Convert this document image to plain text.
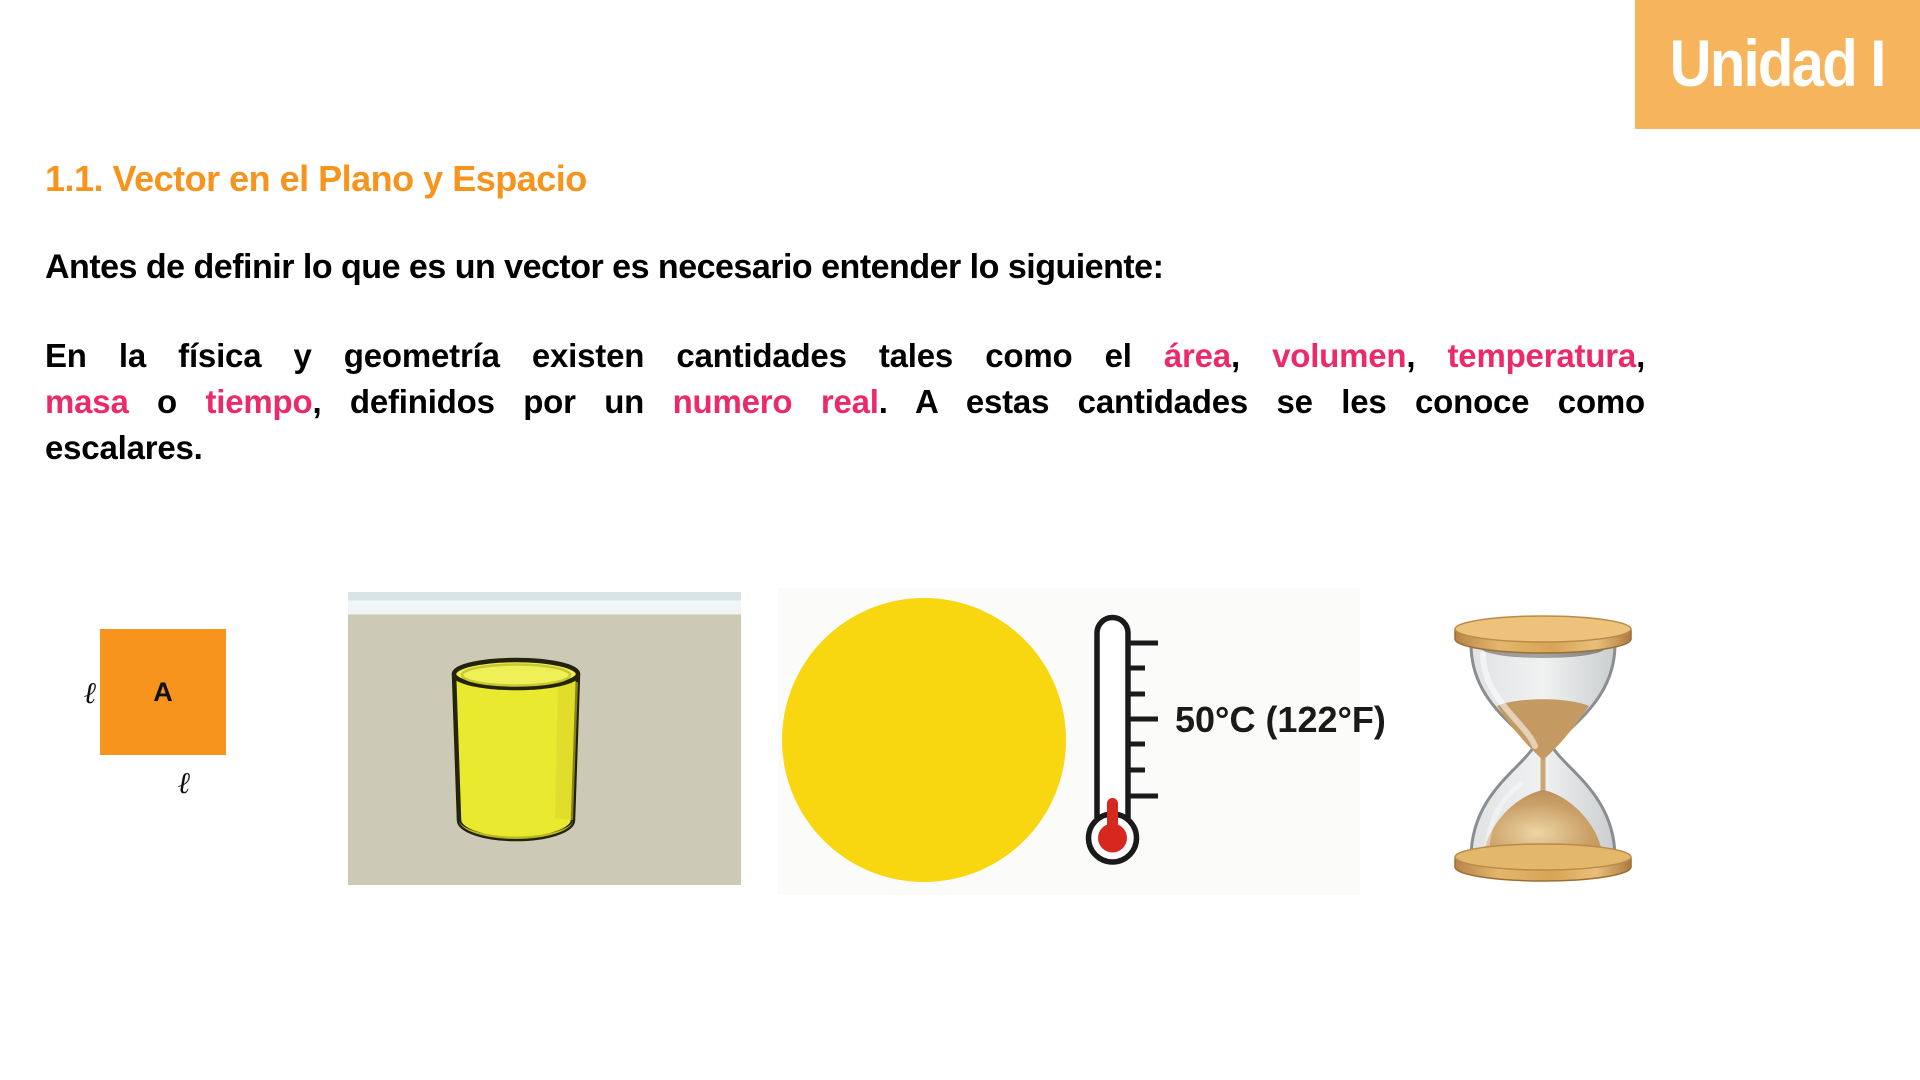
Unidad I
1.1. Vector en el Plano y Espacio

Antes de definir lo que es un vector es necesario entender lo siguiente:

En la física y geometría existen cantidades tales como el área, volumen, temperatura,
masa o tiempo, definidos por un numero real. A estas cantidades se les conoce como
escalares.
ℓ A
ℓ
50°C (122°F)
